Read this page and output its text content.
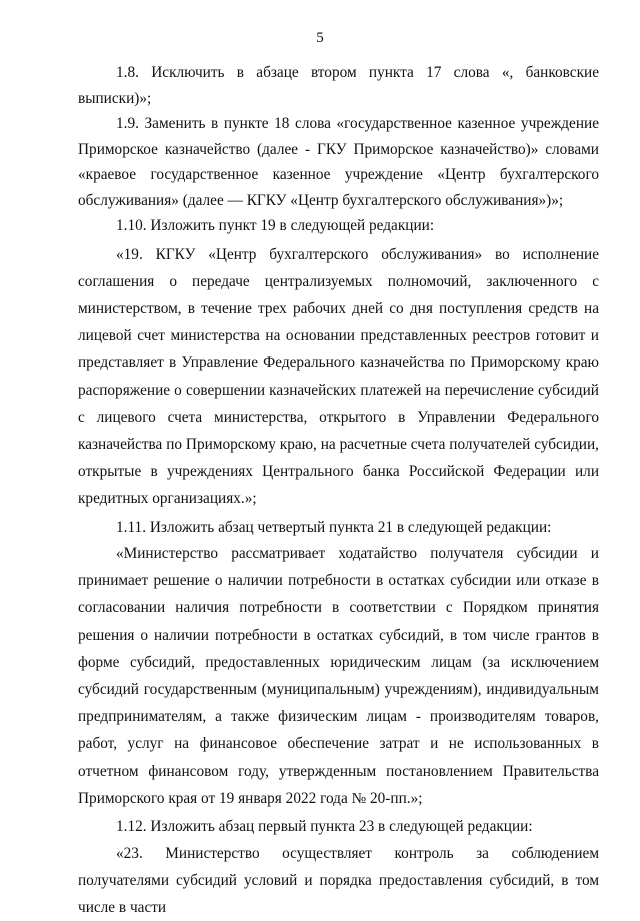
5

1.8. Исключить в абзаце втором пункта 17 слова «, банковские выписки)»;

1.9. Заменить в пункте 18 слова «государственное казенное учреждение Приморское казначейство (далее - ГКУ Приморское казначейство)» словами «краевое государственное казенное учреждение «Центр бухгалтерского обслуживания» (далее — КГКУ «Центр бухгалтерского обслуживания»)»;

1.10. Изложить пункт 19 в следующей редакции:

«19. КГКУ «Центр бухгалтерского обслуживания» во исполнение соглашения о передаче централизуемых полномочий, заключенного с министерством, в течение трех рабочих дней со дня поступления средств на лицевой счет министерства на основании представленных реестров готовит и представляет в Управление Федерального казначейства по Приморскому краю распоряжение о совершении казначейских платежей на перечисление субсидий с лицевого счета министерства, открытого в Управлении Федерального казначейства по Приморскому краю, на расчетные счета получателей субсидии, открытые в учреждениях Центрального банка Российской Федерации или кредитных организациях.»;

1.11. Изложить абзац четвертый пункта 21 в следующей редакции:

«Министерство рассматривает ходатайство получателя субсидии и принимает решение о наличии потребности в остатках субсидии или отказе в согласовании наличия потребности в соответствии с Порядком принятия решения о наличии потребности в остатках субсидий, в том числе грантов в форме субсидий, предоставленных юридическим лицам (за исключением субсидий государственным (муниципальным) учреждениям), индивидуальным предпринимателям, а также физическим лицам - производителям товаров, работ, услуг на финансовое обеспечение затрат и не использованных в отчетном финансовом году, утвержденным постановлением Правительства Приморского края от 19 января 2022 года № 20-пп.»;

1.12. Изложить абзац первый пункта 23 в следующей редакции:

«23. Министерство осуществляет контроль за соблюдением получателями субсидий условий и порядка предоставления субсидий, в том числе в части
